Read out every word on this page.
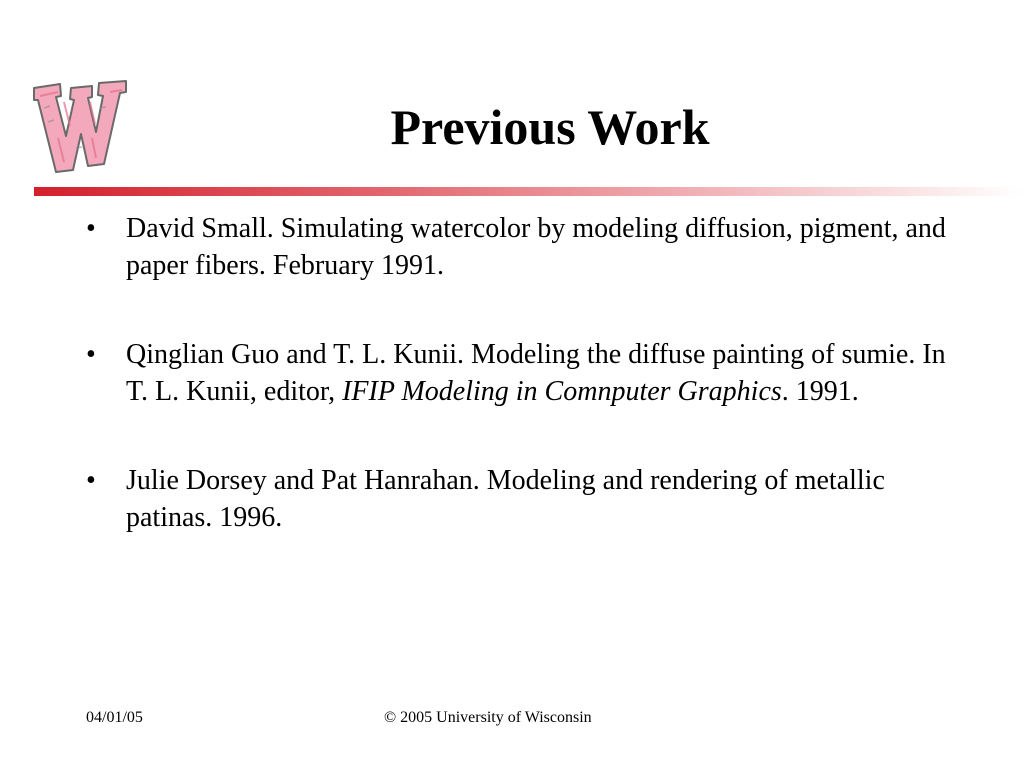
Previous Work
• David Small. Simulating watercolor by modeling diffusion, pigment, and paper fibers. February 1991.
• Qinglian Guo and T. L. Kunii. Modeling the diffuse painting of sumie. In T. L. Kunii, editor, IFIP Modeling in Comnputer Graphics. 1991.
• Julie Dorsey and Pat Hanrahan. Modeling and rendering of metallic patinas. 1996.
04/01/05	© 2005 University of Wisconsin
